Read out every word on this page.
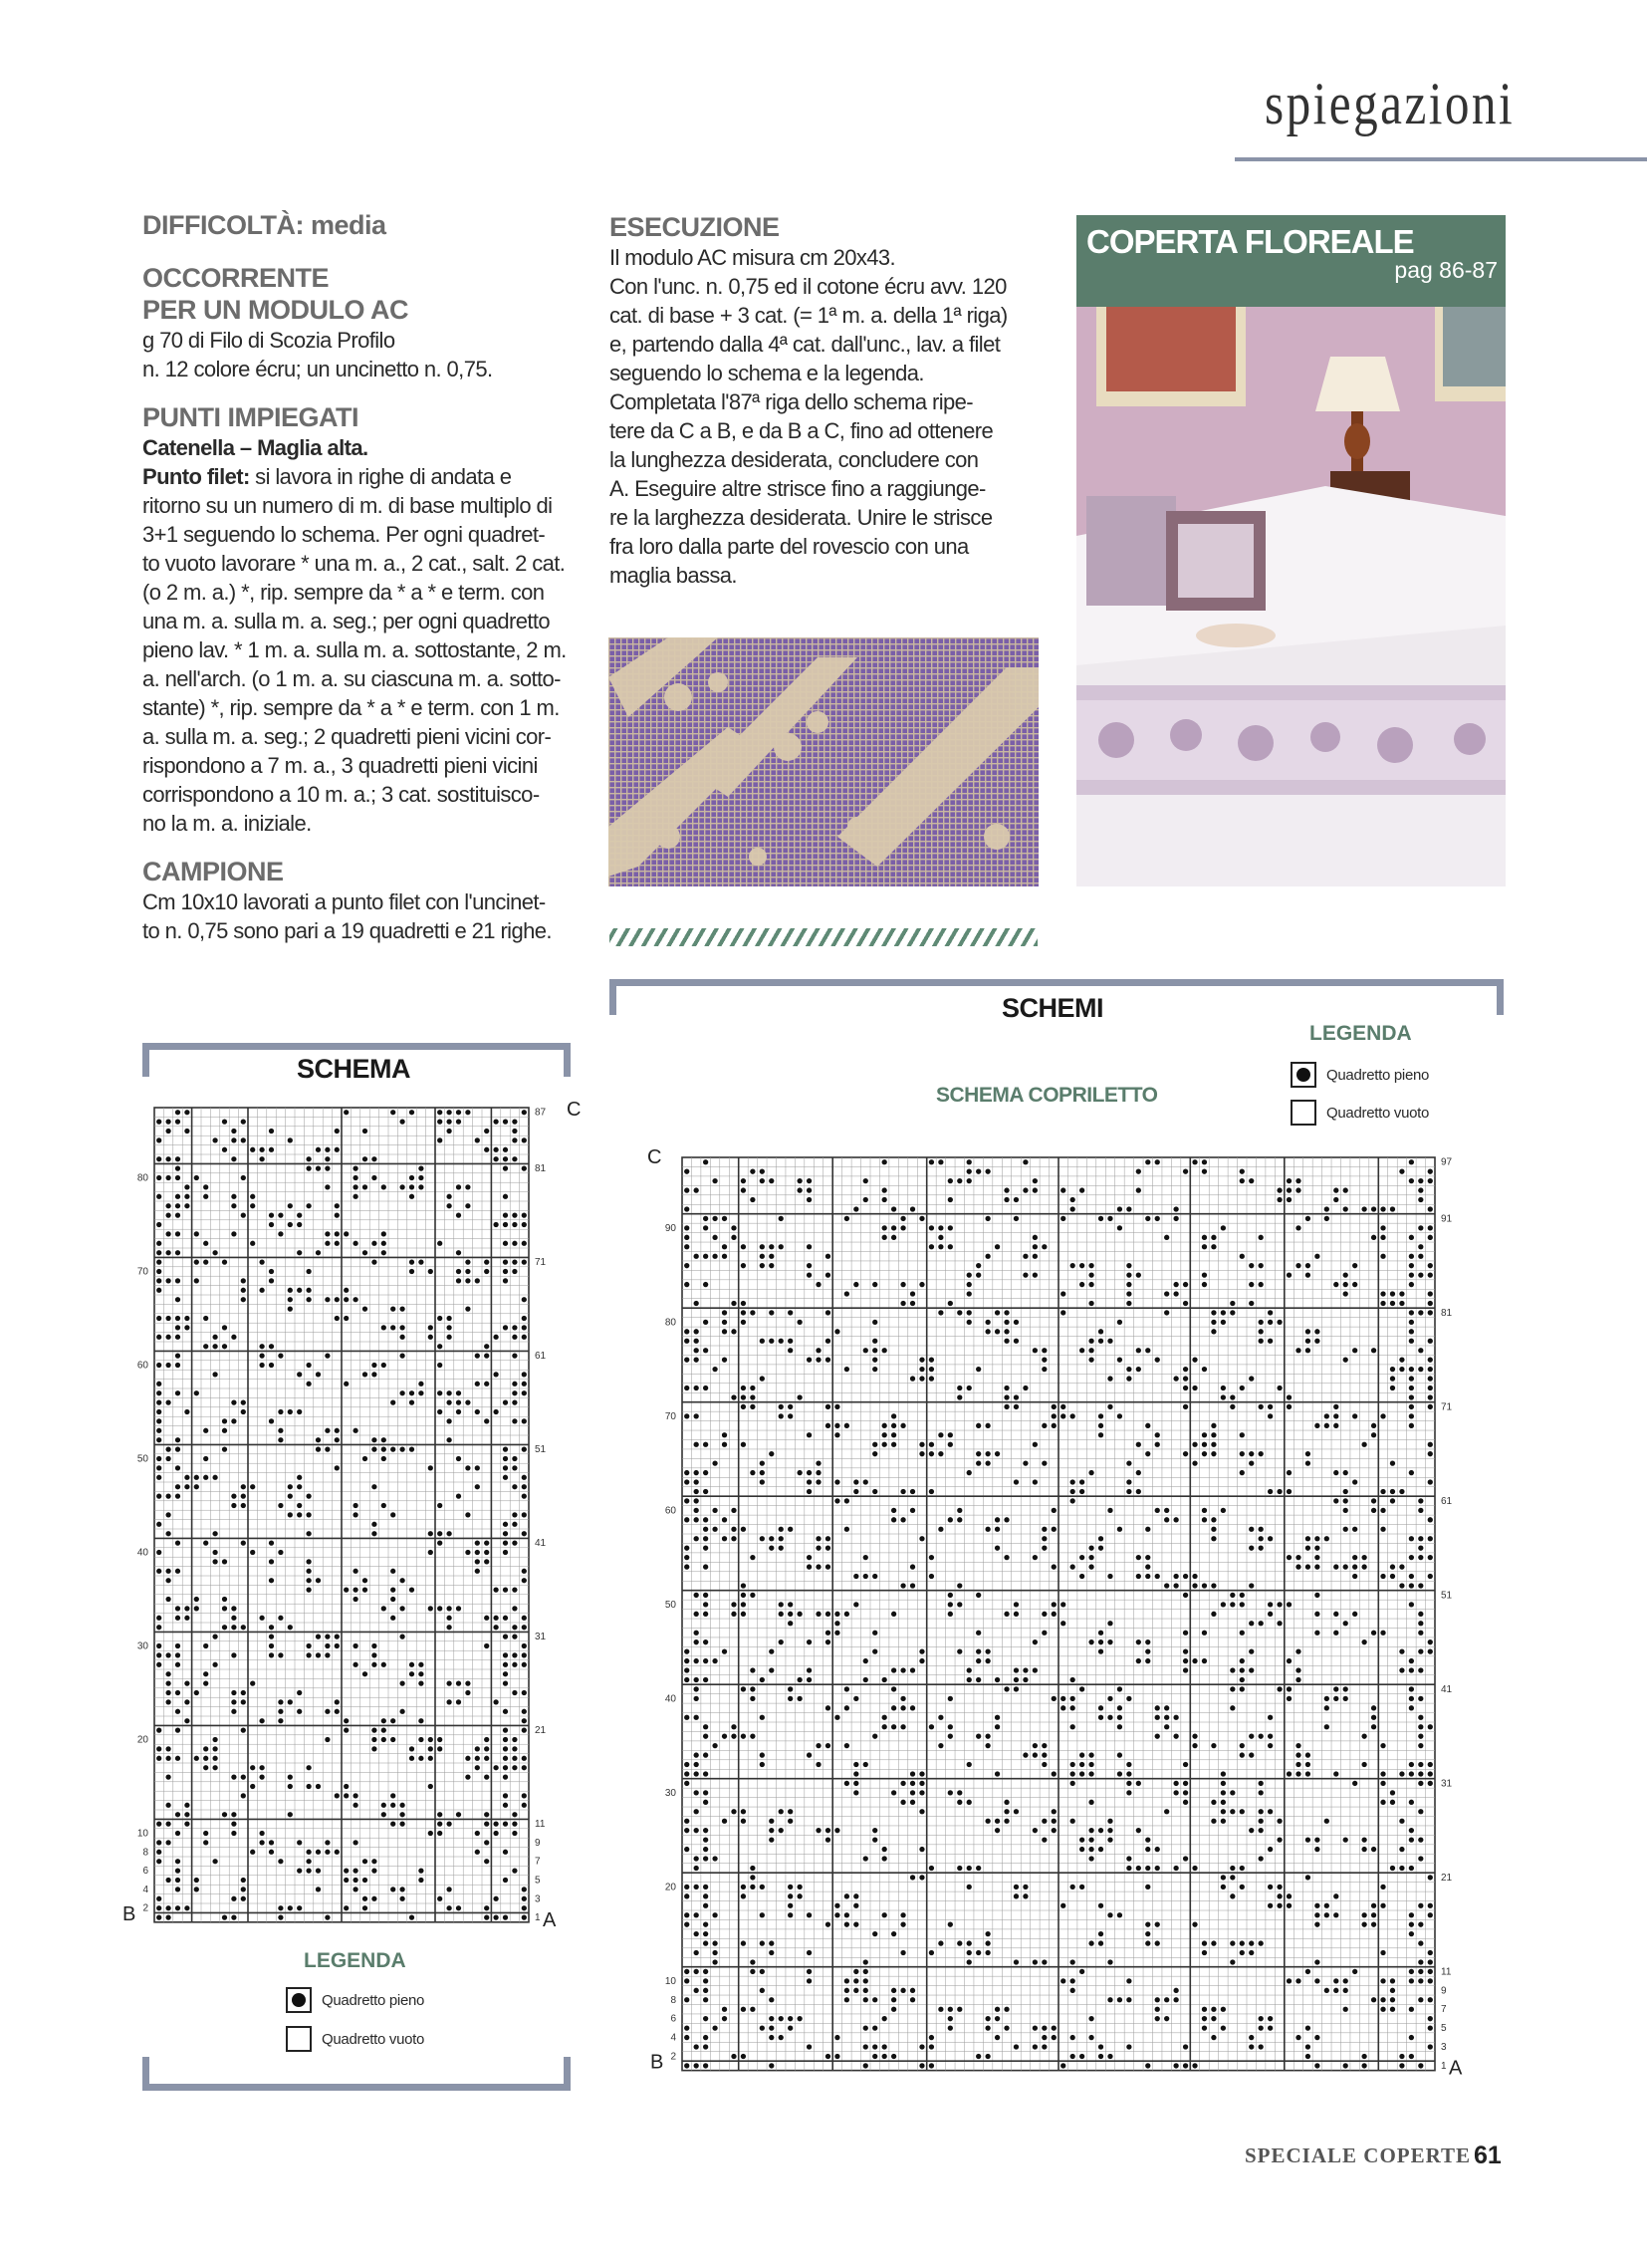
spiegazioni
DIFFICOLTÀ: media
OCCORRENTE
PER UN MODULO AC
g 70 di Filo di Scozia Profilo
n. 12 colore écru; un uncinetto n. 0,75.
PUNTI IMPIEGATI
Catenella – Maglia alta.
Punto filet: si lavora in righe di andata e
ritorno su un numero di m. di base multiplo di
3+1 seguendo lo schema. Per ogni quadret-
to vuoto lavorare * una m. a., 2 cat., salt. 2 cat.
(o 2 m. a.) *, rip. sempre da * a * e term. con
una m. a. sulla m. a. seg.; per ogni quadretto
pieno lav. * 1 m. a. sulla m. a. sottostante, 2 m.
a. nell'arch. (o 1 m. a. su ciascuna m. a. sotto-
stante) *, rip. sempre da * a * e term. con 1 m.
a. sulla m. a. seg.; 2 quadretti pieni vicini cor-
rispondono a 7 m. a., 3 quadretti pieni vicini
corrispondono a 10 m. a.; 3 cat. sostituisco-
no la m. a. iniziale.
CAMPIONE
Cm 10x10 lavorati a punto filet con l'uncinet-
to n. 0,75 sono pari a 19 quadretti e 21 righe.
ESECUZIONE
Il modulo AC misura cm 20x43.
Con l'unc. n. 0,75 ed il cotone écru avv. 120
cat. di base + 3 cat. (= 1ª m. a. della 1ª riga)
e, partendo dalla 4ª cat. dall'unc., lav. a filet
seguendo lo schema e la legenda.
Completata l'87ª riga dello schema ripe-
tere da C a B, e da B a C, fino ad ottenere
la lunghezza desiderata, concludere con
A. Eseguire altre strisce fino a raggiunge-
re la larghezza desiderata. Unire le strisce
fra loro dalla parte del rovescio con una
maglia bassa.
COPERTA FLOREALE
pag 86-87
SCHEMA
80
70
60
50
40
30
20
10
8
6
4
2
87
81
71
61
51
41
31
21
11
9
7
5
3
1
C
B	A
LEGENDA
Quadretto pieno
Quadretto vuoto
SCHEMI
LEGENDA
Quadretto pieno
Quadretto vuoto
SCHEMA COPRILETTO
90
80
70
60
50
40
30
20
10
8
6
4
2
97
91
81
71
61
51
41
31
21
11
9
7
5
3
1
C
B	A
SPECIALE COPERTE 61
